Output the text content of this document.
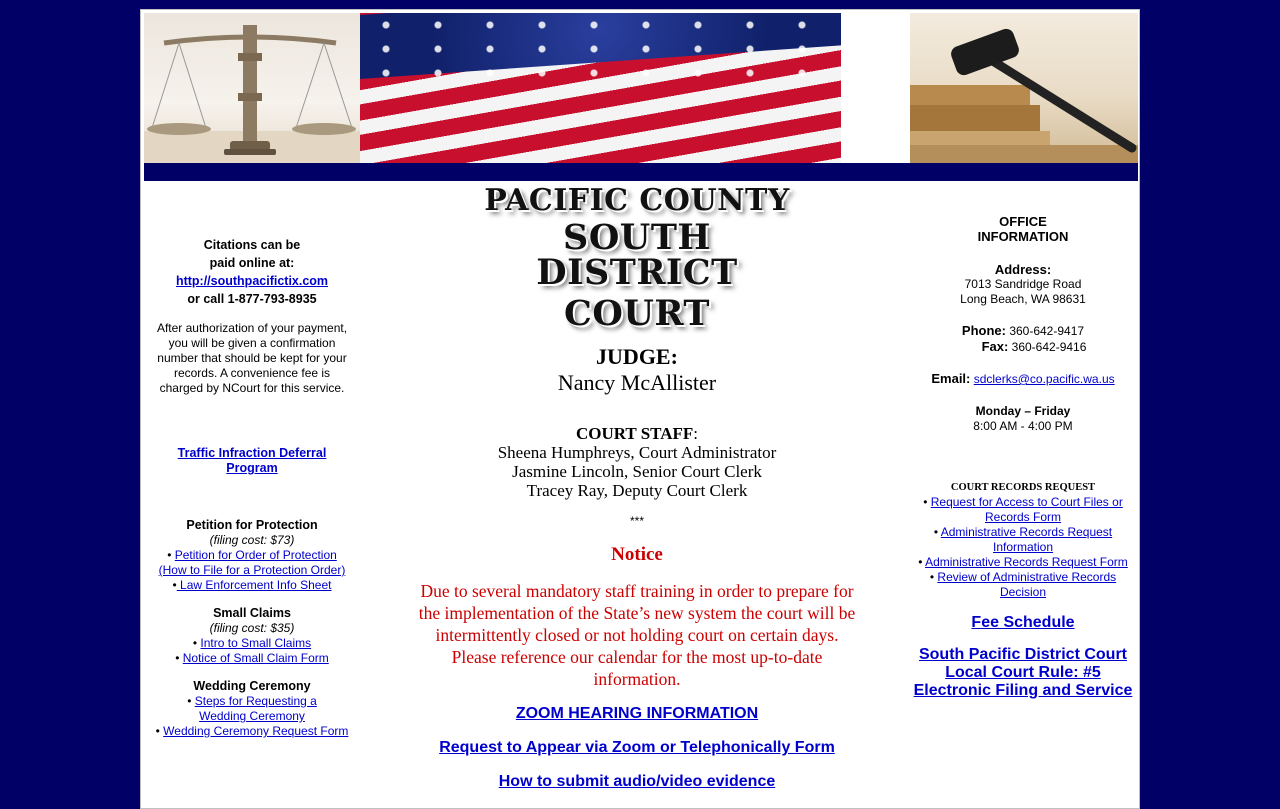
Citations can be
paid online at:
http://southpacifictix.com
or call 1-877-793-8935
After authorization of your payment,
you will be given a confirmation
number that should be kept for your
records. A convenience fee is
charged by NCourt for this service.
Traffic Infraction Deferral
Program
Petition for Protection
(filing cost: $73)
• Petition for Order of Protection
(How to File for a Protection Order)
• Law Enforcement Info Sheet
Small Claims
(filing cost: $35)
• Intro to Small Claims
• Notice of Small Claim Form
Wedding Ceremony
• Steps for Requesting a
Wedding Ceremony
• Wedding Ceremony Request Form
PACIFIC COUNTY
SOUTH DISTRICT
COURT
JUDGE:
Nancy McAllister
COURT STAFF:
Sheena Humphreys, Court Administrator
Jasmine Lincoln, Senior Court Clerk
Tracey Ray, Deputy Court Clerk
***
Notice
Due to several mandatory staff training in order to prepare for
the implementation of the State’s new system the court will be
intermittently closed or not holding court on certain days.
Please reference our calendar for the most up-to-date
information.
ZOOM HEARING INFORMATION
Request to Appear via Zoom or Telephonically Form
How to submit audio/video evidence
OFFICE
INFORMATION
Address:
7013 Sandridge Road
Long Beach, WA 98631
Phone: 360-642-9417
Fax: 360-642-9416
Email: sdclerks@co.pacific.wa.us
Monday – Friday
8:00 AM - 4:00 PM
COURT RECORDS REQUEST
• Request for Access to Court Files or
Records Form
• Administrative Records Request
Information
• Administrative Records Request Form
• Review of Administrative Records
Decision
Fee Schedule
South Pacific District Court
Local Court Rule: #5
Electronic Filing and Service
